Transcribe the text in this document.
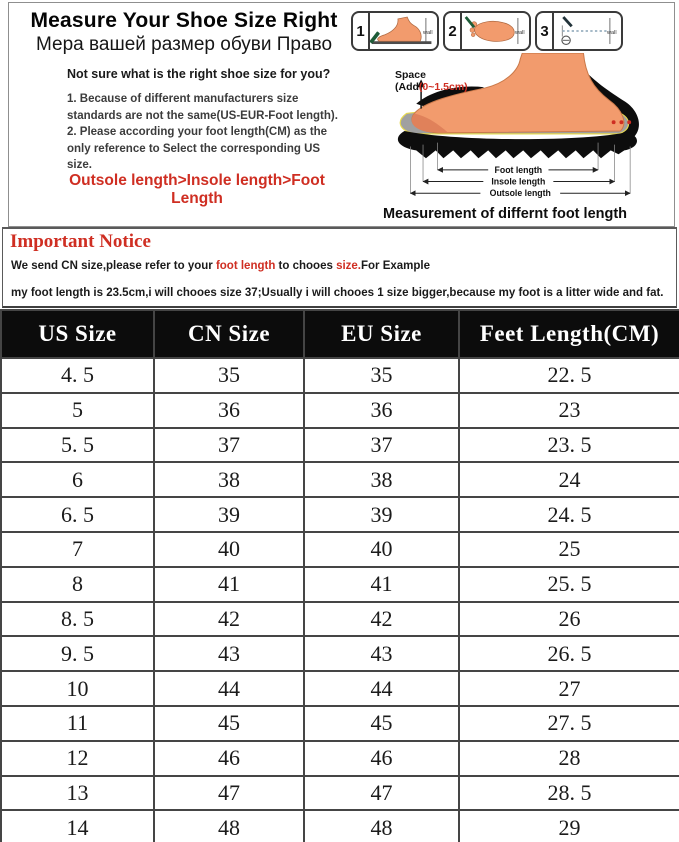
Measure Your Shoe Size Right
Мера вашей размер обуви Право
Not sure what is the right shoe size for you?
1. Because of different manufacturers size standards are not the same(US-EUR-Foot length).
2. Please according your foot length(CM) as the only reference to Select the corresponding US size.
Outsole length>Insole length>Foot Length
1	wall 2	wall 3	wall
Foot length
Insole length
Outsole length
Space
(Add(0~1.5cm)
Measurement of differnt foot length
Important Notice
We send CN size,please refer to your foot length to chooes size.For Example
my foot length is 23.5cm,i will chooes size 37;Usually i will chooes 1 size bigger,because my foot is a litter wide and fat.
US Size	CN Size	EU Size	Feet Length(CM)
4. 5	35	35	22. 5
5	36	36	23
5. 5	37	37	23. 5
6	38	38	24
6. 5	39	39	24. 5
7	40	40	25
8	41	41	25. 5
8. 5	42	42	26
9. 5	43	43	26. 5
10	44	44	27
11	45	45	27. 5
12	46	46	28
13	47	47	28. 5
14	48	48	29
